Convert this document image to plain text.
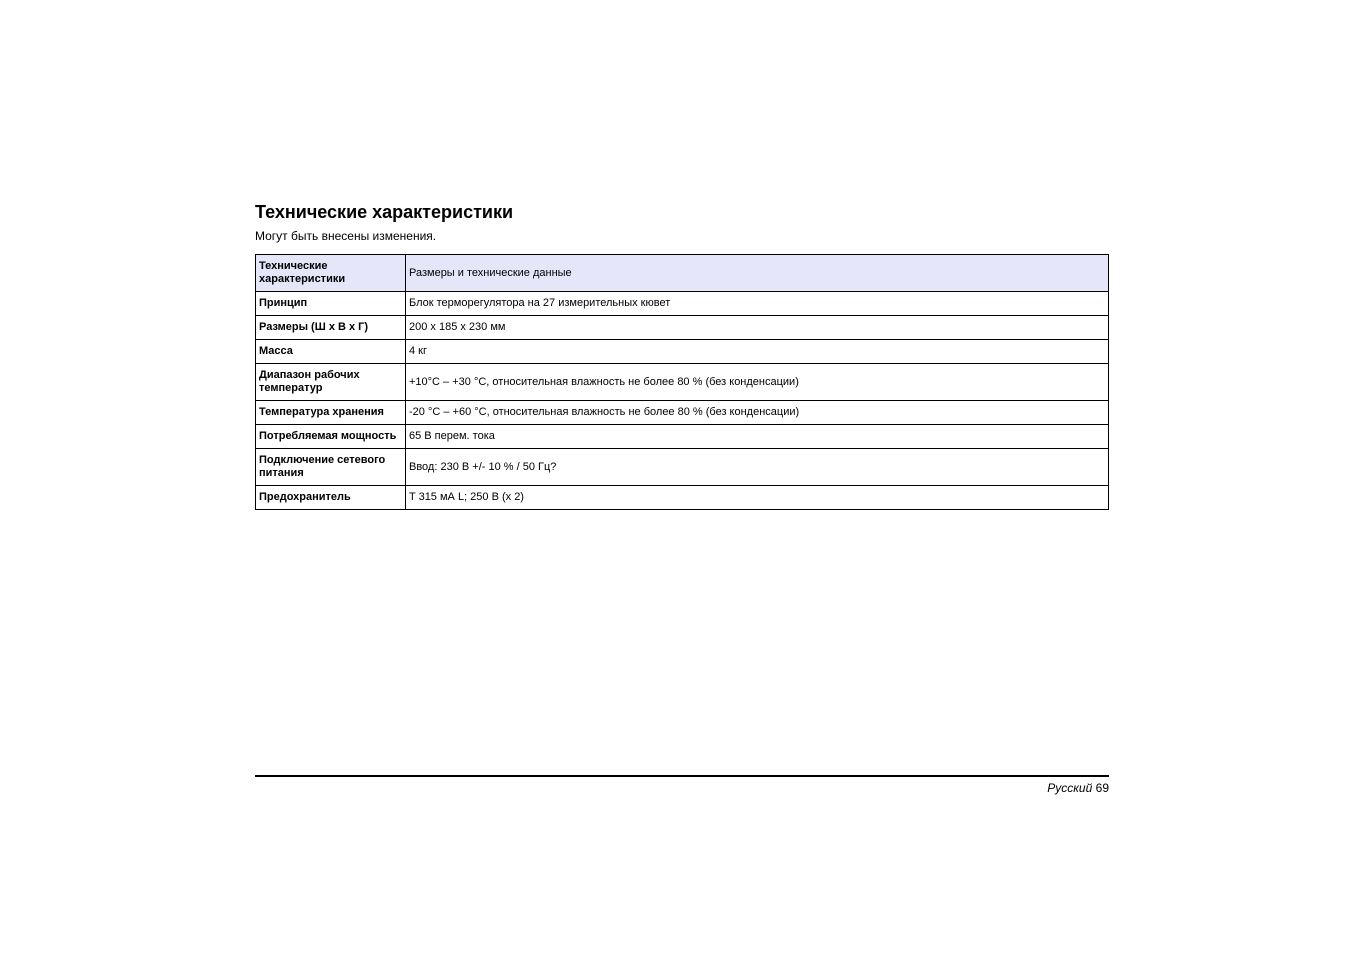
Технические характеристики

Могут быть внесены изменения.

Технические характеристики	Размеры и технические данные
Принцип	Блок терморегулятора на 27 измерительных кювет
Размеры (Ш x В x Г)	200 x 185 x 230 мм
Масса	4 кг
Диапазон рабочих температур	+10°C – +30 °C, относительная влажность не более 80 % (без конденсации)
Температура хранения	-20 °C – +60 °C, относительная влажность не более 80 % (без конденсации)
Потребляемая мощность	65 В перем. тока
Подключение сетевого питания	Ввод: 230 В +/- 10 % / 50 Гц?
Предохранитель	T 315 мА L; 250 В (x 2)
Русский 69
